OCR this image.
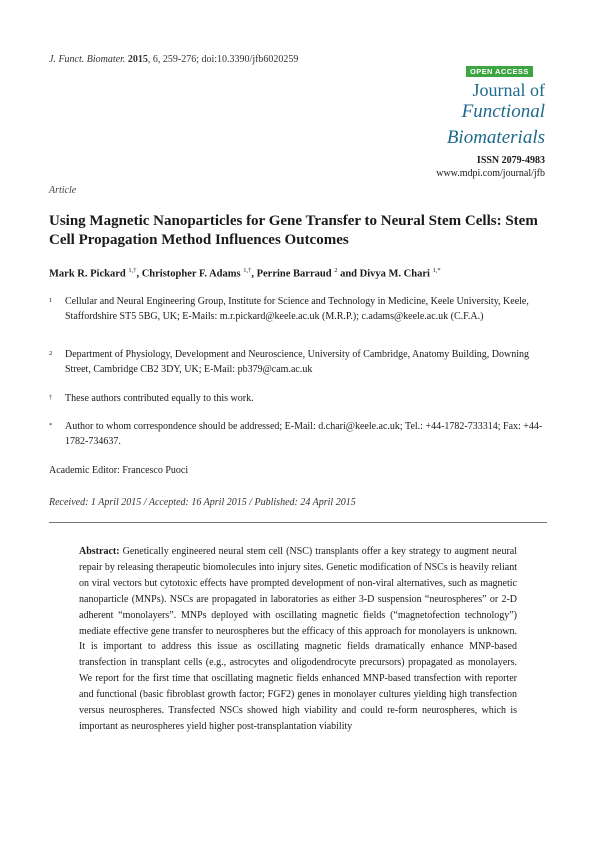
J. Funct. Biomater. 2015, 6, 259-276; doi:10.3390/jfb6020259
OPEN ACCESS
Journal of
Functional
Biomaterials
ISSN 2079-4983
www.mdpi.com/journal/jfb
Article
Using Magnetic Nanoparticles for Gene Transfer to Neural Stem Cells: Stem Cell Propagation Method Influences Outcomes
Mark R. Pickard $^{1,\dagger}$, Christopher F. Adams $^{1,\dagger}$, Perrine Barraud $^2$ and Divya M. Chari $^{1,*}$
1 Cellular and Neural Engineering Group, Institute for Science and Technology in Medicine, Keele University, Keele, Staffordshire ST5 5BG, UK; E-Mails: m.r.pickard@keele.ac.uk (M.R.P.); c.adams@keele.ac.uk (C.F.A.)
2 Department of Physiology, Development and Neuroscience, University of Cambridge, Anatomy Building, Downing Street, Cambridge CB2 3DY, UK; E-Mail: pb379@cam.ac.uk
† These authors contributed equally to this work.
* Author to whom correspondence should be addressed; E-Mail: d.chari@keele.ac.uk; Tel.: +44-1782-733314; Fax: +44-1782-734637.
Academic Editor: Francesco Puoci
Received: 1 April 2015 / Accepted: 16 April 2015 / Published: 24 April 2015
Abstract: Genetically engineered neural stem cell (NSC) transplants offer a key strategy to augment neural repair by releasing therapeutic biomolecules into injury sites. Genetic modification of NSCs is heavily reliant on viral vectors but cytotoxic effects have prompted development of non-viral alternatives, such as magnetic nanoparticle (MNPs). NSCs are propagated in laboratories as either 3-D suspension “neurospheres” or 2-D adherent “monolayers”. MNPs deployed with oscillating magnetic fields (“magnetofection technology”) mediate effective gene transfer to neurospheres but the efficacy of this approach for monolayers is unknown. It is important to address this issue as oscillating magnetic fields dramatically enhance MNP-based transfection in transplant cells (e.g., astrocytes and oligodendrocyte precursors) propagated as monolayers. We report for the first time that oscillating magnetic fields enhanced MNP-based transfection with reporter and functional (basic fibroblast growth factor; FGF2) genes in monolayer cultures yielding high transfection versus neurospheres. Transfected NSCs showed high viability and could re-form neurospheres, which is important as neurospheres yield higher post-transplantation viability
